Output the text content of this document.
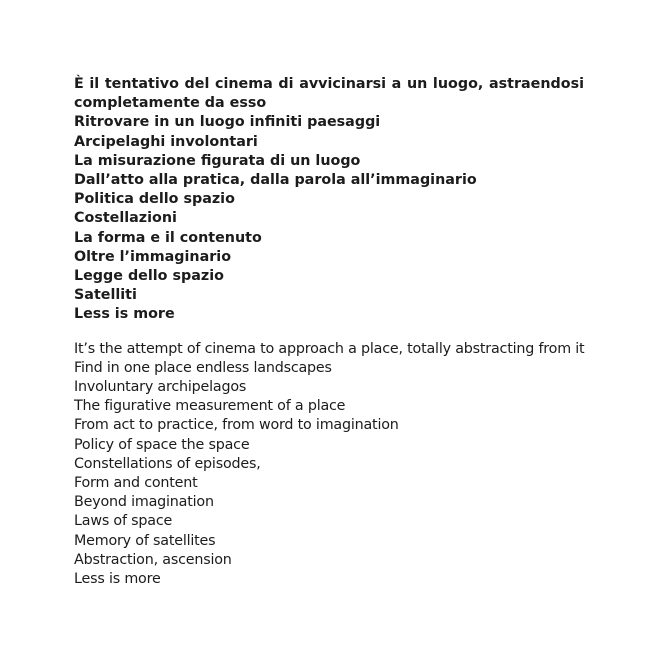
È il tentativo del cinema di avvicinarsi a un luogo, astraendosi
completamente da esso
Ritrovare in un luogo infiniti paesaggi
Arcipelaghi involontari
La misurazione figurata di un luogo
Dall’atto alla pratica, dalla parola all’immaginario
Politica dello spazio
Costellazioni
La forma e il contenuto
Oltre l’immaginario
Legge dello spazio
Satelliti
Less is more
It’s the attempt of cinema to approach a place, totally abstracting from it
Find in one place endless landscapes
Involuntary archipelagos
The figurative measurement of a place
From act to practice, from word to imagination
Policy of space the space
Constellations of episodes,
Form and content
Beyond imagination
Laws of space
Memory of satellites
Abstraction, ascension
Less is more
